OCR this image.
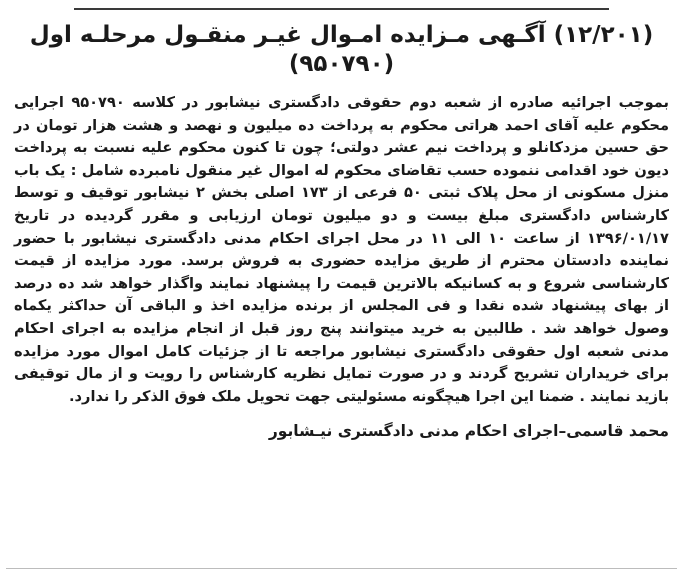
(۱۲/۲۰۱) آگـهی مـزایده امـوال غیـر منقـول مرحلـه اول
(۹۵۰۷۹۰)
بموجب اجرائیه صادره از شعبه دوم حقوقی دادگستری نیشابور در کلاسه ۹۵۰۷۹۰ اجرایی محکوم علیه آقای احمد هراتی محکوم به پرداخت ده میلیون و نهصد و هشت هزار تومان در حق حسین مزدکانلو و پرداخت نیم عشر دولتی؛ چون تا کنون محکوم علیه نسبت به پرداخت دیون خود اقدامی ننموده حسب تقاضای محکوم له اموال غیر منقول نامبرده شامل : یک باب منزل مسکونی از محل پلاک ثبتی ۵۰ فرعی از ۱۷۳ اصلی بخش ۲ نیشابور توقیف و توسط کارشناس دادگستری مبلغ بیست و دو میلیون تومان ارزیابی و مقرر گردیده در تاریخ ۱۳۹۶/۰۱/۱۷ از ساعت ۱۰ الی ۱۱ در محل اجرای احکام مدنی دادگستری نیشابور با حضور نماینده دادستان محترم از طریق مزایده حضوری به فروش برسد. مورد مزایده از قیمت کارشناسی شروع و به کسانیکه بالاترین قیمت را پیشنهاد نمایند واگذار خواهد شد ده درصد از بهای پیشنهاد شده نقدا و فی المجلس از برنده مزایده اخذ و الباقی آن حداکثر یکماه وصول خواهد شد . طالبین به خرید میتوانند پنج روز قبل از انجام مزایده به اجرای احکام مدنی شعبه اول حقوقی دادگستری نیشابور مراجعه تا از جزئیات کامل اموال مورد مزایده برای خریداران تشریح گردند و در صورت تمایل نظریه کارشناس را رویت و از مال توقیفی بازید نمایند . ضمنا این اجرا هیچگونه مسئولیتی جهت تحویل ملک فوق الذکر را ندارد.
محمد قاسمی–اجرای احکام مدنی دادگستری نیـشابور
